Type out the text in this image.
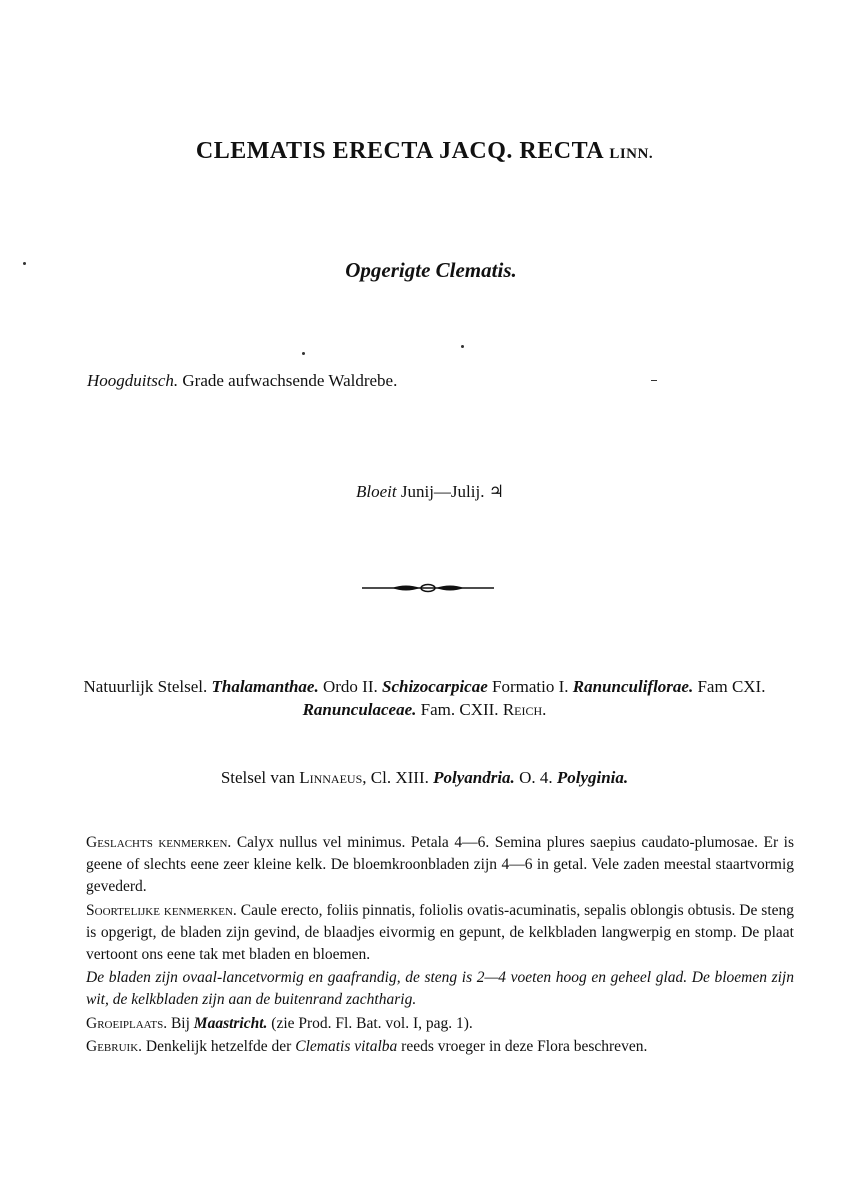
CLEMATIS ERECTA JACQ. RECTA LINN.
Opgerigte Clematis.
Hoogduitsch. Grade aufwachsende Waldrebe.
Bloeit Junij—Julij. ♃
Natuurlijk Stelsel. Thalamanthae. Ordo II. Schizocarpicae Formatio I. Ranunculiflorae. Fam CXI.
Ranunculaceae. Fam. CXII. Reich.
Stelsel van Linnaeus, Cl. XIII. Polyandria. O. 4. Polyginia.

Geslachts kenmerken. Calyx nullus vel minimus. Petala 4—6. Semina plures saepius caudato-plumosae. Er is geene of slechts eene zeer kleine kelk. De bloemkroonbladen zijn 4—6 in getal. Vele zaden meestal staartvormig gevederd.

Soortelijke kenmerken. Caule erecto, foliis pinnatis, foliolis ovatis-acuminatis, sepalis oblongis obtusis. De steng is opgerigt, de bladen zijn gevind, de blaadjes eivormig en gepunt, de kelkbladen langwerpig en stomp. De plaat vertoont ons eene tak met bladen en bloemen.

De bladen zijn ovaal-lancetvormig en gaafrandig, de steng is 2—4 voeten hoog en geheel glad. De bloemen zijn wit, de kelkbladen zijn aan de buitenrand zachtharig.

Groeiplaats. Bij Maastricht. (zie Prod. Fl. Bat. vol. I, pag. 1).

Gebruik. Denkelijk hetzelfde der Clematis vitalba reeds vroeger in deze Flora beschreven.
